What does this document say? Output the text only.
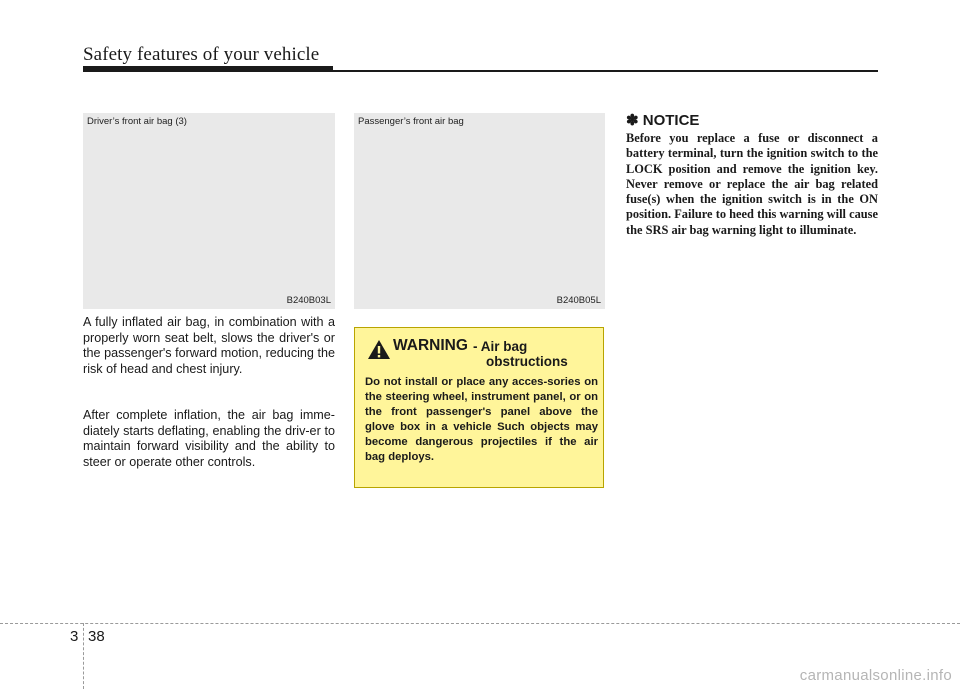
Safety features of your vehicle
Driver’s front air bag (3)
B240B03L
Passenger’s front air bag
B240B05L

A fully inflated air bag, in combination with a properly worn seat belt, slows the driver's or the passenger's forward motion, reducing the risk of head and chest injury.

After complete inflation, the air bag imme-diately starts deflating, enabling the driv-er to maintain forward visibility and the ability to steer or operate other controls.

WARNING - Air bag
obstructions

Do not install or place any acces-sories on the steering wheel, instrument panel, or on the front passenger's panel above the glove box in a vehicle Such objects may become dangerous projectiles if the air bag deploys.

✽ NOTICE

Before you replace a fuse or disconnect a battery terminal, turn the ignition switch to the LOCK position and remove the ignition key. Never remove or replace the air bag related fuse(s) when the ignition switch is in the ON position. Failure to heed this warning will cause the SRS air bag warning light to illuminate.

3 38
carmanualsonline.info
